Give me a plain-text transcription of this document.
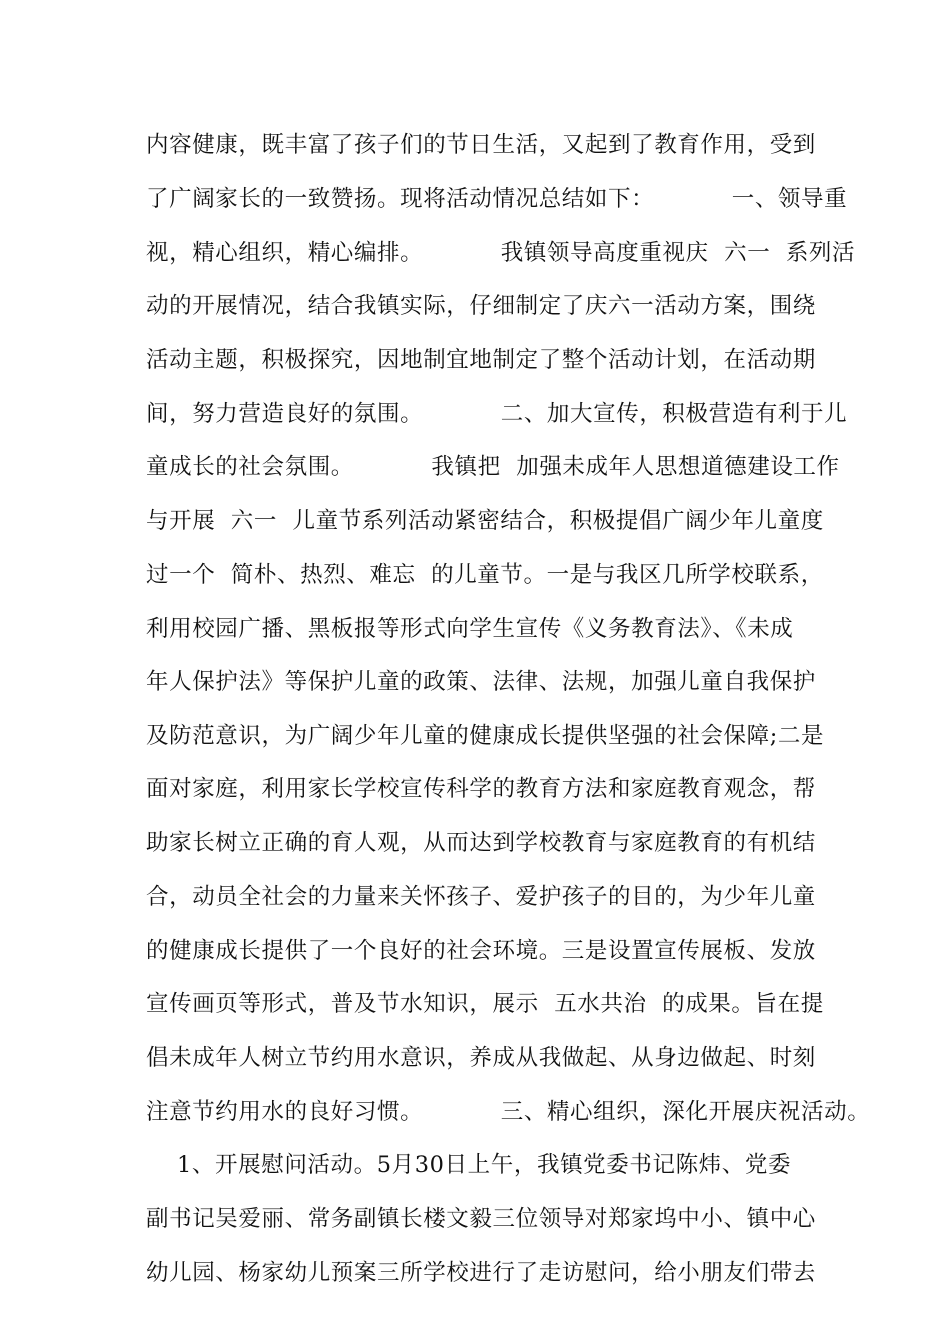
内容健康，既丰富了孩子们的节日生活，又起到了教育作用，受到
了广阔家长的一致赞扬。现将活动情况总结如下：          一、领导重
视，精心组织，精心编排。          我镇领导高度重视庆  六一  系列活
动的开展情况，结合我镇实际，仔细制定了庆六一活动方案，围绕
活动主题，积极探究，因地制宜地制定了整个活动计划，在活动期
间，努力营造良好的氛围。          二、加大宣传，积极营造有利于儿
童成长的社会氛围。          我镇把  加强未成年人思想道德建设工作
与开展  六一  儿童节系列活动紧密结合，积极提倡广阔少年儿童度
过一个  简朴、热烈、难忘  的儿童节。一是与我区几所学校联系，
利用校园广播、黑板报等形式向学生宣传《义务教育法》、《未成
年人保护法》等保护儿童的政策、法律、法规，加强儿童自我保护
及防范意识，为广阔少年儿童的健康成长提供坚强的社会保障;二是
面对家庭，利用家长学校宣传科学的教育方法和家庭教育观念，帮
助家长树立正确的育人观，从而达到学校教育与家庭教育的有机结
合，动员全社会的力量来关怀孩子、爱护孩子的目的，为少年儿童
的健康成长提供了一个良好的社会环境。三是设置宣传展板、发放
宣传画页等形式，普及节水知识，展示  五水共治  的成果。旨在提
倡未成年人树立节约用水意识，养成从我做起、从身边做起、时刻
注意节约用水的良好习惯。          三、精心组织，深化开展庆祝活动。
1、开展慰问活动。5月30日上午，我镇党委书记陈炜、党委
副书记吴爱丽、常务副镇长楼文毅三位领导对郑家坞中小、镇中心
幼儿园、杨家幼儿预案三所学校进行了走访慰问，给小朋友们带去
